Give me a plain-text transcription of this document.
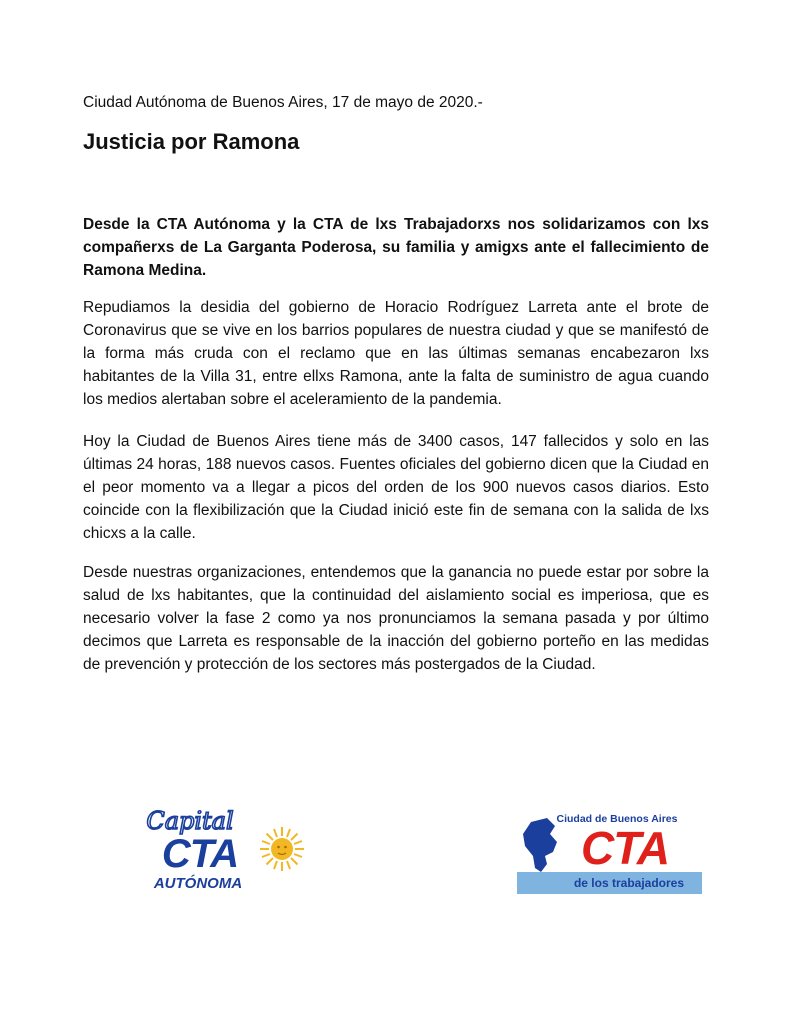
Ciudad Autónoma de Buenos Aires, 17 de mayo de 2020.-
Justicia por Ramona

Desde la CTA Autónoma y la CTA de lxs Trabajadorxs nos solidarizamos con lxs compañerxs de La Garganta Poderosa, su familia y amigxs ante el fallecimiento de Ramona Medina.

Repudiamos la desidia del gobierno de Horacio Rodríguez Larreta ante el brote de Coronavirus que se vive en los barrios populares de nuestra ciudad y que se manifestó de la forma más cruda con el reclamo que en las últimas semanas encabezaron lxs habitantes de la Villa 31, entre ellxs Ramona, ante la falta de suministro de agua cuando los medios alertaban sobre el aceleramiento de la pandemia.

Hoy la Ciudad de Buenos Aires tiene más de 3400 casos, 147 fallecidos y solo en las últimas 24 horas, 188 nuevos casos. Fuentes oficiales del gobierno dicen que la Ciudad en el peor momento va a llegar a picos del orden de los 900 nuevos casos diarios. Esto coincide con la flexibilización que la Ciudad inició este fin de semana con la salida de lxs chicxs a la calle.

Desde nuestras organizaciones, entendemos que la ganancia no puede estar por sobre la salud de lxs habitantes, que la continuidad del aislamiento social es imperiosa, que es necesario volver la fase 2 como ya nos pronunciamos la semana pasada y por último decimos que Larreta es responsable de la inacción del gobierno porteño en las medidas de prevención y protección de los sectores más postergados de la Ciudad.

Capital
CTA
AUTÓNOMA
Ciudad de Buenos Aires
CTA
de los trabajadores
